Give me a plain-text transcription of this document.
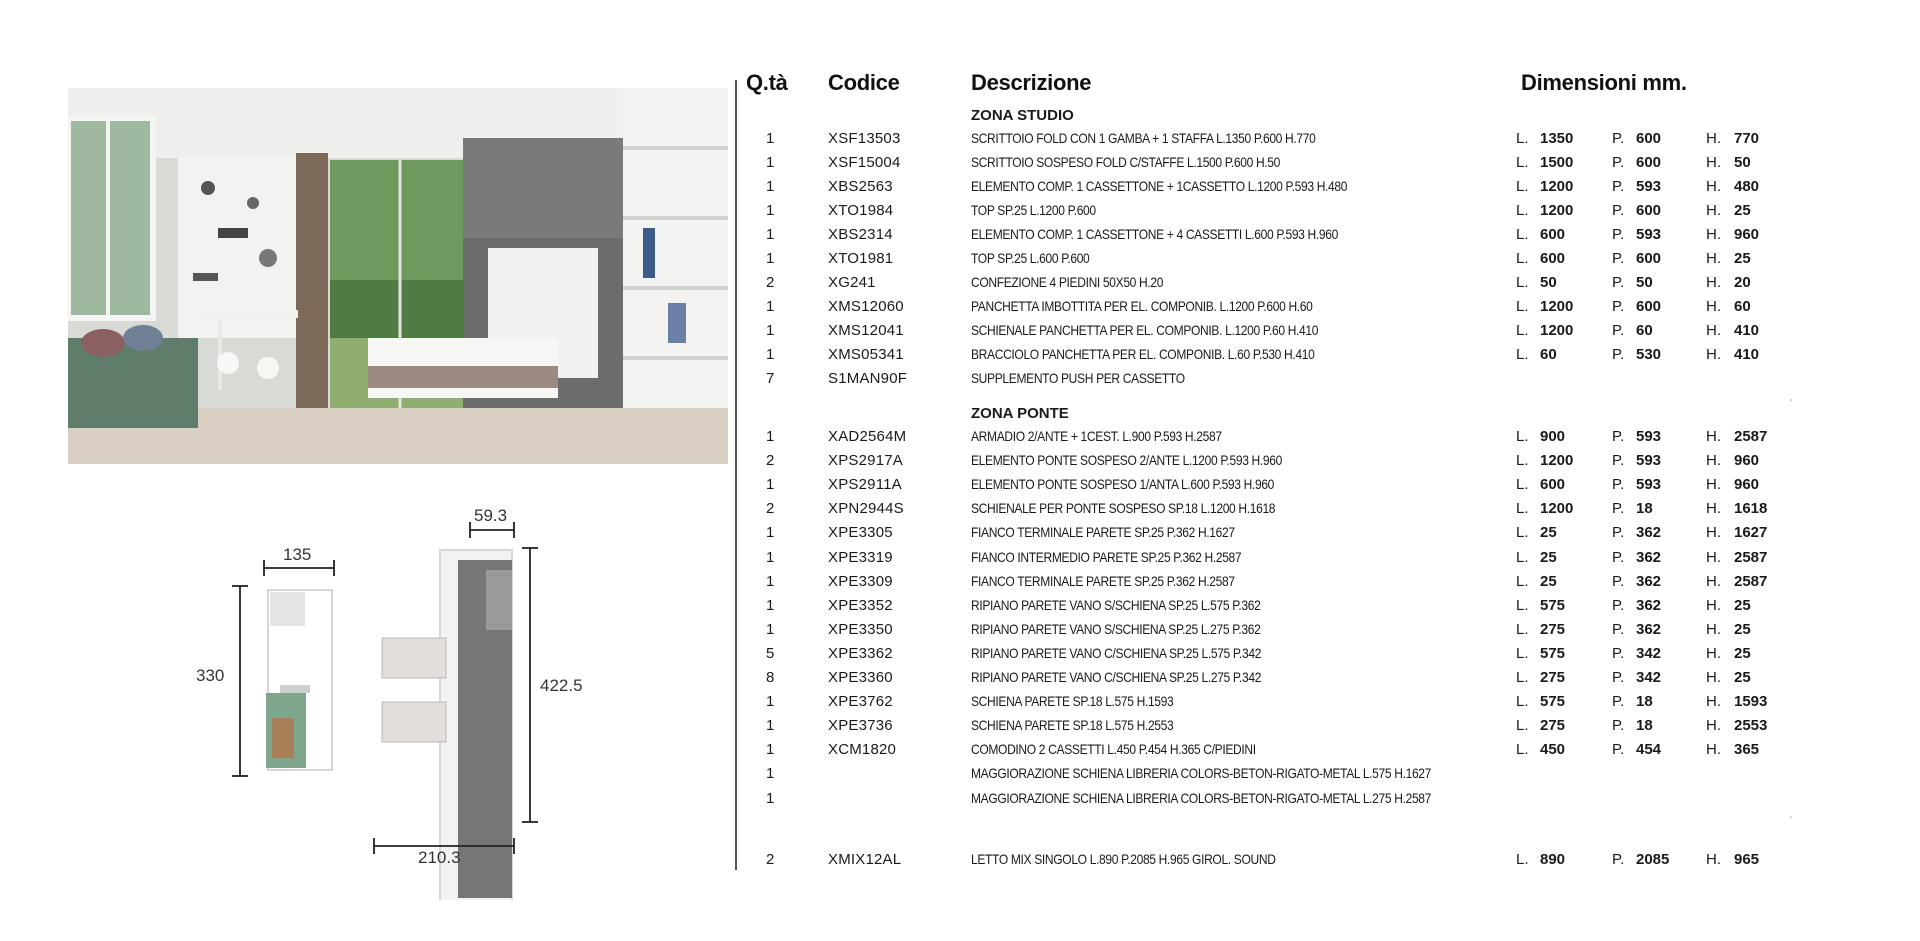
135
330
59.3
422.5
210.3
Q.tà Codice	Descrizione	Dimensioni mm.
ZONA STUDIO
1	XSF13503	SCRITTOIO FOLD CON 1 GAMBA + 1 STAFFA L.1350 P.600 H.770	L. 1350	P. 600	H. 770
1	XSF15004	SCRITTOIO SOSPESO FOLD C/STAFFE L.1500 P.600 H.50	L. 1500	P. 600	H. 50
1	XBS2563	ELEMENTO COMP. 1 CASSETTONE + 1CASSETTO L.1200 P.593 H.480	L. 1200	P. 593	H. 480
1	XTO1984	TOP SP.25 L.1200 P.600	L. 1200	P. 600	H. 25
1	XBS2314	ELEMENTO COMP. 1 CASSETTONE + 4 CASSETTI L.600 P.593 H.960	L. 600	P. 593	H. 960
1	XTO1981	TOP SP.25 L.600 P.600	L. 600	P. 600	H. 25
2	XG241	CONFEZIONE 4 PIEDINI 50X50 H.20	L. 50	P. 50	H. 20
1	XMS12060	PANCHETTA IMBOTTITA PER EL. COMPONIB. L.1200 P.600 H.60	L. 1200	P. 600	H. 60
1	XMS12041	SCHIENALE PANCHETTA PER EL. COMPONIB. L.1200 P.60 H.410	L. 1200	P. 60	H. 410
1	XMS05341	BRACCIOLO PANCHETTA PER EL. COMPONIB. L.60 P.530 H.410	L. 60	P. 530	H. 410
7	S1MAN90F	SUPPLEMENTO PUSH PER CASSETTO
ZONA PONTE
1	XAD2564M	ARMADIO 2/ANTE + 1CEST. L.900 P.593 H.2587	L. 900	P. 593	H. 2587
2	XPS2917A	ELEMENTO PONTE SOSPESO 2/ANTE L.1200 P.593 H.960	L. 1200	P. 593	H. 960
1	XPS2911A	ELEMENTO PONTE SOSPESO 1/ANTA L.600 P.593 H.960	L. 600	P. 593	H. 960
2	XPN2944S	SCHIENALE PER PONTE SOSPESO SP.18 L.1200 H.1618	L. 1200	P. 18	H. 1618
1	XPE3305	FIANCO TERMINALE PARETE SP.25 P.362 H.1627	L. 25	P. 362	H. 1627
1	XPE3319	FIANCO INTERMEDIO PARETE SP.25 P.362 H.2587	L. 25	P. 362	H. 2587
1	XPE3309	FIANCO TERMINALE PARETE SP.25 P.362 H.2587	L. 25	P. 362	H. 2587
1	XPE3352	RIPIANO PARETE VANO S/SCHIENA SP.25 L.575 P.362	L. 575	P. 362	H. 25
1	XPE3350	RIPIANO PARETE VANO S/SCHIENA SP.25 L.275 P.362	L. 275	P. 362	H. 25
5	XPE3362	RIPIANO PARETE VANO C/SCHIENA SP.25 L.575 P.342	L. 575	P. 342	H. 25
8	XPE3360	RIPIANO PARETE VANO C/SCHIENA SP.25 L.275 P.342	L. 275	P. 342	H. 25
1	XPE3762	SCHIENA PARETE SP.18 L.575 H.1593	L. 575	P. 18	H. 1593
1	XPE3736	SCHIENA PARETE SP.18 L.575 H.2553	L. 275	P. 18	H. 2553
1	XCM1820	COMODINO 2 CASSETTI L.450 P.454 H.365 C/PIEDINI	L. 450	P. 454	H. 365
1	MAGGIORAZIONE SCHIENA LIBRERIA COLORS-BETON-RIGATO-METAL L.575 H.1627
1	MAGGIORAZIONE SCHIENA LIBRERIA COLORS-BETON-RIGATO-METAL L.275 H.2587
2	XMIX12AL	LETTO MIX SINGOLO L.890 P.2085 H.965 GIROL. SOUND	L. 890	P. 2085 H. 965
'
'
